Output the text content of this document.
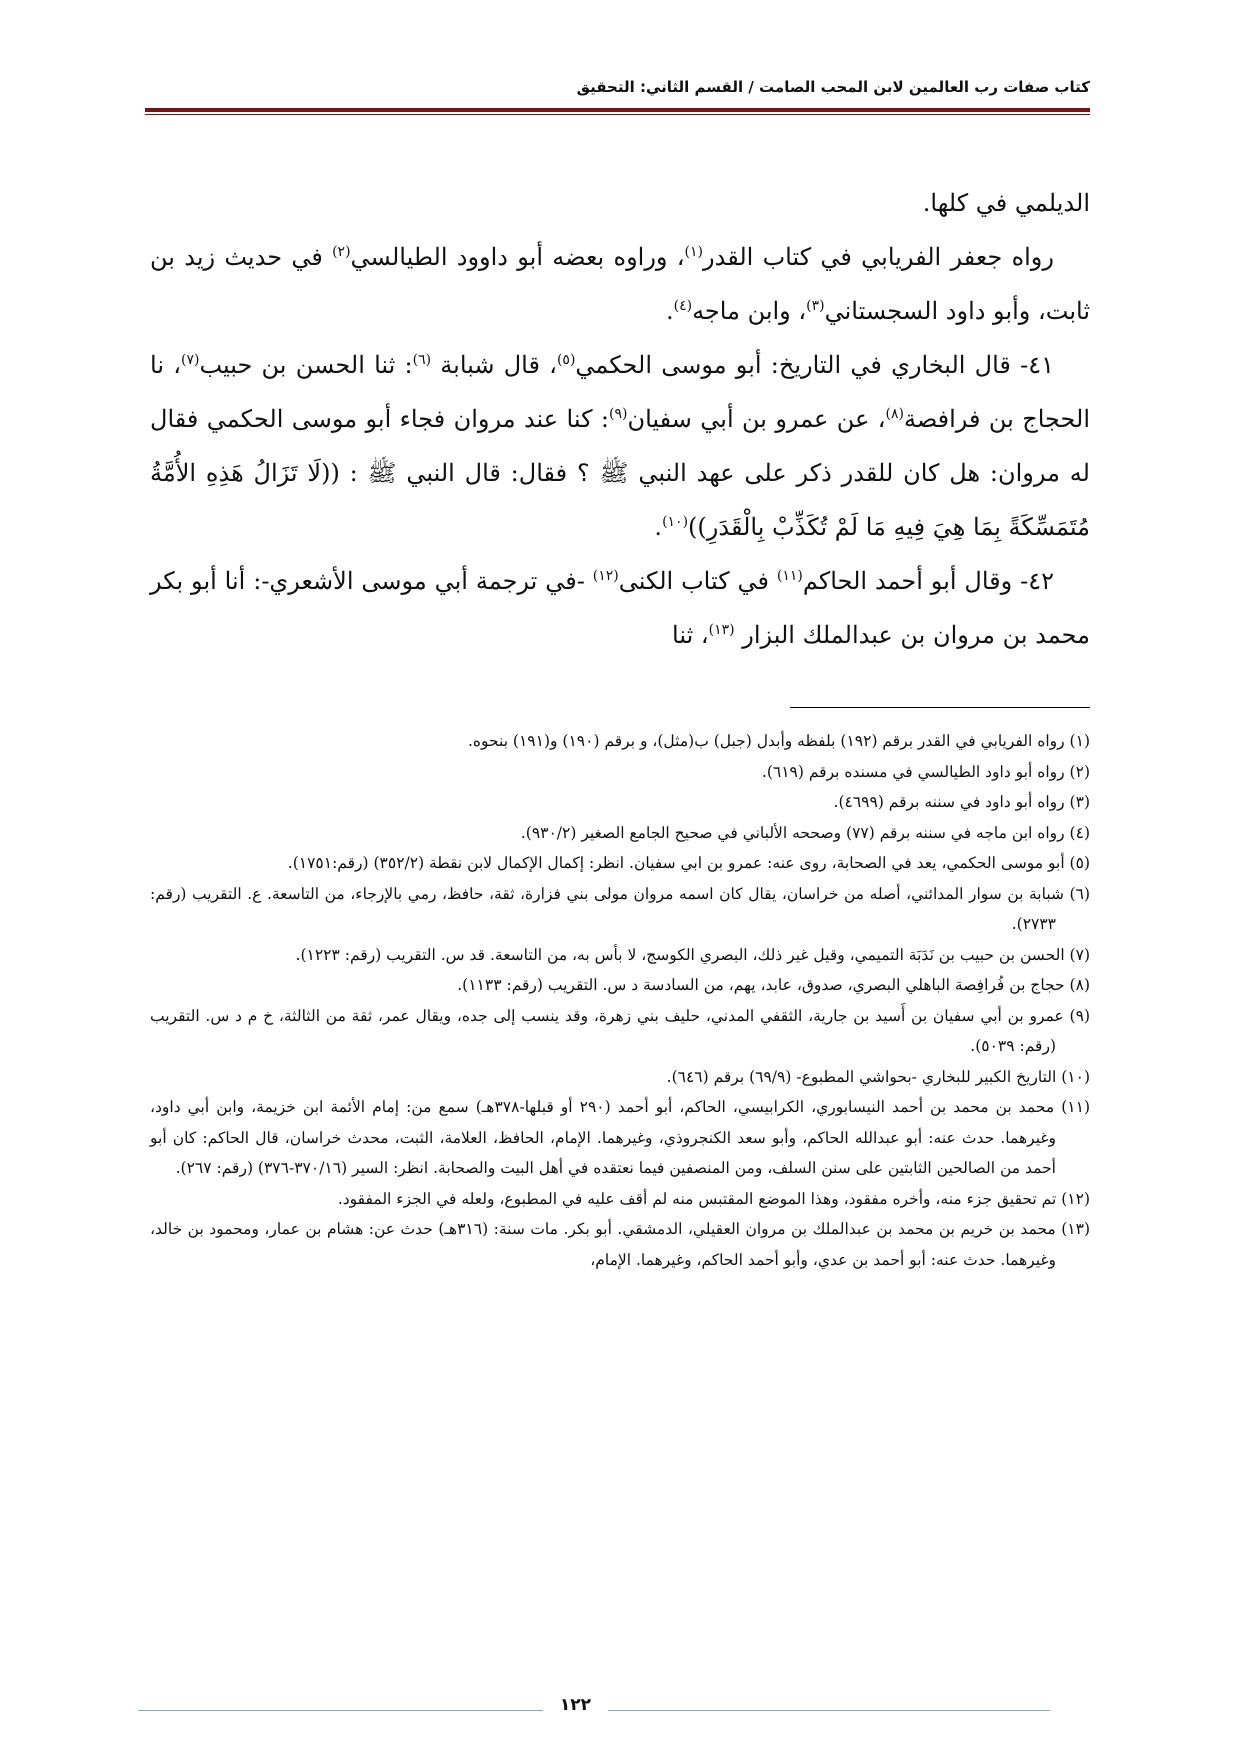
كتاب صفات رب العالمين لابن المحب الصامت / القسم الثاني: التحقيق

الديلمي في كلها.

رواه جعفر الفريابي في كتاب القدر$^{(١)}$، وراوه بعضه أبو داوود الطيالسي$^{(٢)}$ في حديث زيد بن ثابت، وأبو داود السجستاني$^{(٣)}$، وابن ماجه$^{(٤)}$.

٤١- قال البخاري في التاريخ: أبو موسى الحكمي$^{(٥)}$، قال شبابة $^{(٦)}$: ثنا الحسن بن حبيب$^{(٧)}$، نا الحجاج بن فرافصة$^{(٨)}$، عن عمرو بن أبي سفيان$^{(٩)}$: كنا عند مروان فجاء أبو موسى الحكمي فقال له مروان: هل كان للقدر ذكر على عهد النبي ﷺ ؟ فقال: قال النبي ﷺ : ((لَا تَزَالُ هَذِهِ الأُمَّةُ مُتَمَسِّكَةً بِمَا هِيَ فِيهِ مَا لَمْ تُكَذِّبْ بِالْقَدَرِ))$^{(١٠)}$.

٤٢- وقال أبو أحمد الحاكم$^{(١١)}$ في كتاب الكنى$^{(١٢)}$ -في ترجمة أبي موسى الأشعري-: أنا أبو بكر محمد بن مروان بن عبدالملك البزار $^{(١٣)}$، ثنا

(١) رواه الفريابي في القدر برقم (١٩٢) بلفظه وأبدل (جبل) ب(مثل)، و برقم (١٩٠) و(١٩١) بنحوه.

(٢) رواه أبو داود الطيالسي في مسنده برقم (٦١٩).

(٣) رواه أبو داود في سننه برقم (٤٦٩٩).

(٤) رواه ابن ماجه في سننه برقم (٧٧) وصححه الألباني في صحيح الجامع الصغير (٩٣٠/٢).

(٥) أبو موسى الحكمي، يعد في الصحابة، روى عنه: عمرو بن ابي سفيان. انظر: إكمال الإكمال لابن نقطة (٣٥٢/٢) (رقم:١٧٥١).

(٦) شبابة بن سوار المدائني، أصله من خراسان، يقال كان اسمه مروان مولى بني فزارة، ثقة، حافظ، رمي بالإرجاء، من التاسعة. ع. التقريب (رقم: ٢٧٣٣).

(٧) الحسن بن حبيب بن نَدَبَة التميمي، وقيل غير ذلك، البصري الكوسج، لا بأس به، من التاسعة. قد س. التقريب (رقم: ١٢٢٣).

(٨) حجاج بن فُرافِصة الباهلي البصري، صدوق، عابد، يهم، من السادسة د س. التقريب (رقم: ١١٣٣).

(٩) عمرو بن أبي سفيان بن أَسيد بن جارية، الثقفي المدني، حليف بني زهرة، وقد ينسب إلى جده، ويقال عمر، ثقة من الثالثة، خ م د س. التقريب (رقم: ٥٠٣٩).

(١٠) التاريخ الكبير للبخاري -بحواشي المطبوع- (٦٩/٩) برقم (٦٤٦).

(١١) محمد بن محمد بن أحمد النيسابوري، الكرابيسي، الحاكم، أبو أحمد (٢٩٠ أو قبلها-٣٧٨هـ) سمع من: إمام الأئمة ابن خزيمة، وابن أبي داود، وغيرهما. حدث عنه: أبو عبدالله الحاكم، وأبو سعد الكنجروذي، وغيرهما. الإمام، الحافظ، العلامة، الثبت، محدث خراسان، قال الحاكم: كان أبو أحمد من الصالحين الثابتين على سنن السلف، ومن المنصفين فيما نعتقده في أهل البيت والصحابة. انظر: السير (٣٧٠/١٦-٣٧٦) (رقم: ٢٦٧).

(١٢) تم تحقيق جزء منه، وأخره مفقود، وهذا الموضع المقتبس منه لم أقف عليه في المطبوع، ولعله في الجزء المفقود.

(١٣) محمد بن خريم بن محمد بن عبدالملك بن مروان العقيلي، الدمشقي. أبو بكر. مات سنة: (٣١٦هـ) حدث عن: هشام بن عمار، ومحمود بن خالد، وغيرهما. حدث عنه: أبو أحمد بن عدي، وأبو أحمد الحاكم، وغيرهما. الإمام،

١٢٢
